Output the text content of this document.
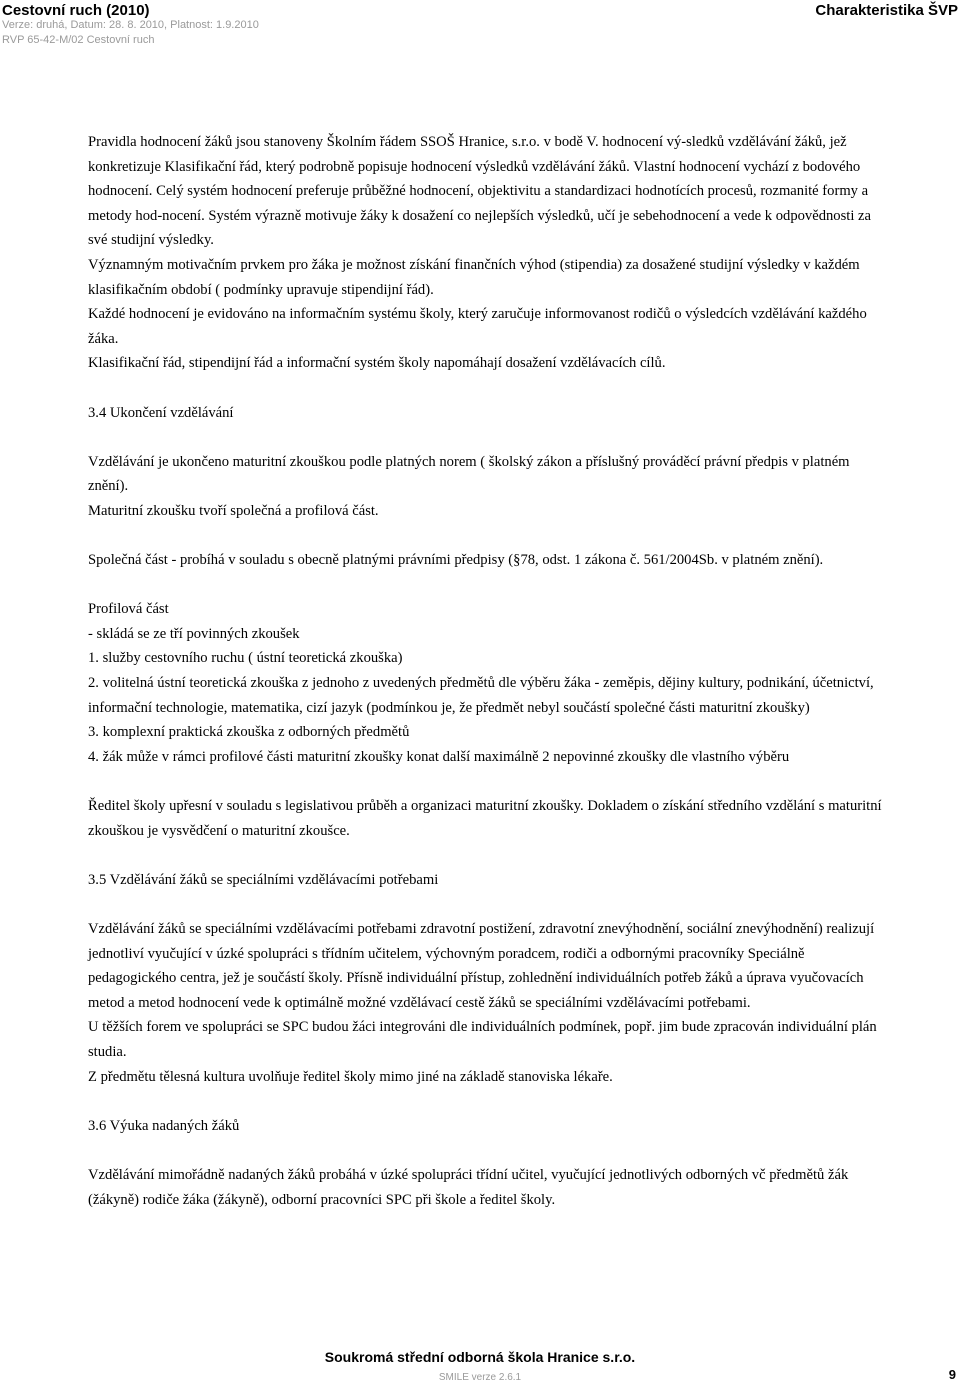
Cestovní ruch (2010)
Verze: druhá, Datum: 28. 8. 2010, Platnost: 1.9.2010
RVP 65-42-M/02 Cestovní ruch
Charakteristika ŠVP

Pravidla hodnocení žáků jsou stanoveny Školním řádem SSOŠ Hranice, s.r.o. v bodě V. hodnocení vý-sledků vzdělávání žáků, jež konkretizuje Klasifikační řád, který podrobně popisuje hodnocení výsledků vzdělávání žáků. Vlastní hodnocení vychází z bodového hodnocení. Celý systém hodnocení preferuje průběžné hodnocení, objektivitu a standardizaci hodnotících procesů, rozmanité formy a metody hod-nocení. Systém výrazně motivuje žáky k dosažení co nejlepších výsledků, učí je sebehodnocení a vede k odpovědnosti za své studijní výsledky.

Významným motivačním prvkem pro žáka je možnost získání finančních výhod (stipendia) za dosažené studijní výsledky v každém klasifikačním období ( podmínky upravuje stipendijní řád).

Každé hodnocení je evidováno na informačním systému školy, který zaručuje informovanost rodičů o výsledcích vzdělávání každého žáka.

Klasifikační řád, stipendijní řád a informační systém školy napomáhají dosažení vzdělávacích cílů.

3.4 Ukončení vzdělávání

Vzdělávání je ukončeno maturitní zkouškou podle platných norem ( školský zákon a příslušný prováděcí právní předpis v platném znění).

Maturitní zkoušku tvoří společná a profilová část.

Společná část - probíhá v souladu s obecně platnými právními předpisy (§78, odst. 1 zákona č. 561/2004Sb. v platném znění).

Profilová část

- skládá se ze tří povinných zkoušek

1. služby cestovního ruchu ( ústní teoretická zkouška)

2. volitelná ústní teoretická zkouška z jednoho z uvedených předmětů dle výběru žáka - zeměpis, dějiny kultury, podnikání, účetnictví, informační technologie, matematika, cizí jazyk (podmínkou je, že předmět nebyl součástí společné části maturitní zkoušky)

3. komplexní praktická zkouška z odborných předmětů

4. žák může v rámci profilové části maturitní zkoušky konat další maximálně 2 nepovinné zkoušky dle vlastního výběru

Ředitel školy upřesní v souladu s legislativou průběh a organizaci maturitní zkoušky. Dokladem o získání středního vzdělání s maturitní zkouškou je vysvědčení o maturitní zkoušce.

3.5 Vzdělávání žáků se speciálními vzdělávacími potřebami

Vzdělávání žáků se speciálními vzdělávacími potřebami zdravotní postižení, zdravotní znevýhodnění, sociální znevýhodnění) realizují jednotliví vyučující v úzké spolupráci s třídním učitelem, výchovným poradcem, rodiči a odbornými pracovníky Speciálně pedagogického centra, jež je součástí školy. Přísně individuální přístup, zohlednění individuálních potřeb žáků a úprava vyučovacích metod a metod hodnocení vede k optimálně možné vzdělávací cestě žáků se speciálními vzdělávacími potřebami.

U těžších forem ve spolupráci se SPC budou žáci integrováni dle individuálních podmínek, popř. jim bude zpracován individuální plán studia.

Z předmětu tělesná kultura uvolňuje ředitel školy mimo jiné na základě stanoviska lékaře.

3.6 Výuka nadaných žáků

Vzdělávání mimořádně nadaných žáků probáhá v úzké spolupráci třídní učitel, vyučující jednotlivých odborných vč předmětů žák (žákyně) rodiče žáka (žákyně), odborní pracovníci SPC při škole a ředitel školy.

Soukromá střední odborná škola Hranice s.r.o.
SMILE verze 2.6.1	9
